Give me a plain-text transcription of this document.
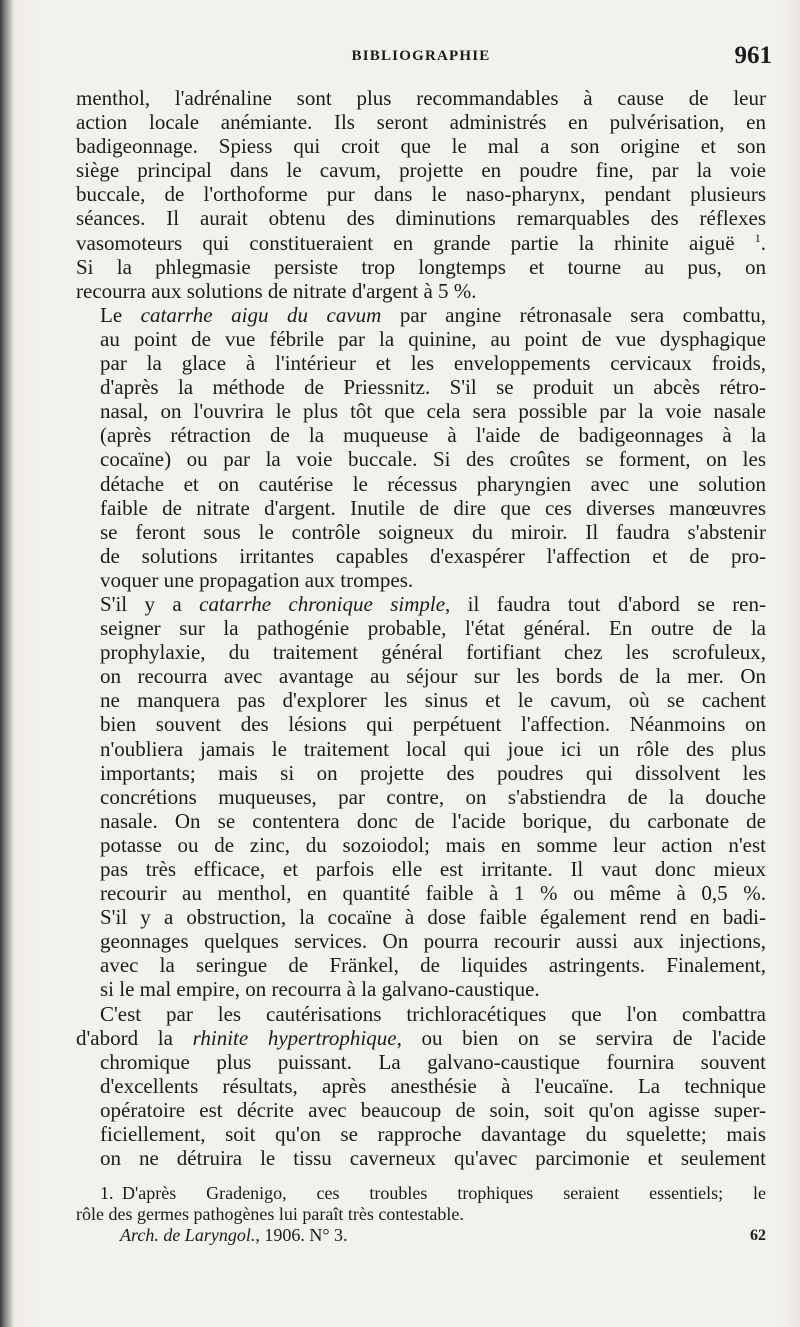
BIBLIOGRAPHIE	961

menthol, l'adrénaline sont plus recommandables à cause de leur
action locale anémiante. Ils seront administrés en pulvérisation, en
badigeonnage. Spiess qui croit que le mal a son origine et son
siège principal dans le cavum, projette en poudre fine, par la voie
buccale, de l'orthoforme pur dans le naso-pharynx, pendant plusieurs
séances. Il aurait obtenu des diminutions remarquables des réflexes
vasomoteurs qui constitueraient en grande partie la rhinite aiguë $^1$.
Si la phlegmasie persiste trop longtemps et tourne au pus, on
recourra aux solutions de nitrate d'argent à 5 %.

Le catarrhe aigu du cavum par angine rétronasale sera combattu,
au point de vue fébrile par la quinine, au point de vue dysphagique
par la glace à l'intérieur et les enveloppements cervicaux froids,
d'après la méthode de Priessnitz. S'il se produit un abcès rétro-
nasal, on l'ouvrira le plus tôt que cela sera possible par la voie nasale
(après rétraction de la muqueuse à l'aide de badigeonnages à la
cocaïne) ou par la voie buccale. Si des croûtes se forment, on les
détache et on cautérise le récessus pharyngien avec une solution
faible de nitrate d'argent. Inutile de dire que ces diverses manœuvres
se feront sous le contrôle soigneux du miroir. Il faudra s'abstenir
de solutions irritantes capables d'exaspérer l'affection et de pro-
voquer une propagation aux trompes.

S'il y a catarrhe chronique simple, il faudra tout d'abord se ren-
seigner sur la pathogénie probable, l'état général. En outre de la
prophylaxie, du traitement général fortifiant chez les scrofuleux,
on recourra avec avantage au séjour sur les bords de la mer. On
ne manquera pas d'explorer les sinus et le cavum, où se cachent
bien souvent des lésions qui perpétuent l'affection. Néanmoins on
n'oubliera jamais le traitement local qui joue ici un rôle des plus
importants; mais si on projette des poudres qui dissolvent les
concrétions muqueuses, par contre, on s'abstiendra de la douche
nasale. On se contentera donc de l'acide borique, du carbonate de
potasse ou de zinc, du sozoiodol; mais en somme leur action n'est
pas très efficace, et parfois elle est irritante. Il vaut donc mieux
recourir au menthol, en quantité faible à 1 % ou même à 0,5 %.
S'il y a obstruction, la cocaïne à dose faible également rend en badi-
geonnages quelques services. On pourra recourir aussi aux injections,
avec la seringue de Fränkel, de liquides astringents. Finalement,
si le mal empire, on recourra à la galvano-caustique.

C'est par les cautérisations trichloracétiques que l'on combattra
d'abord la rhinite hypertrophique, ou bien on se servira de l'acide
chromique plus puissant. La galvano-caustique fournira souvent
d'excellents résultats, après anesthésie à l'eucaïne. La technique
opératoire est décrite avec beaucoup de soin, soit qu'on agisse super-
ficiellement, soit qu'on se rapproche davantage du squelette; mais
on ne détruira le tissu caverneux qu'avec parcimonie et seulement

1. D'après Gradenigo, ces troubles trophiques seraient essentiels; le
rôle des germes pathogènes lui paraît très contestable.
Arch. de Laryngol., 1906. N° 3.	62
